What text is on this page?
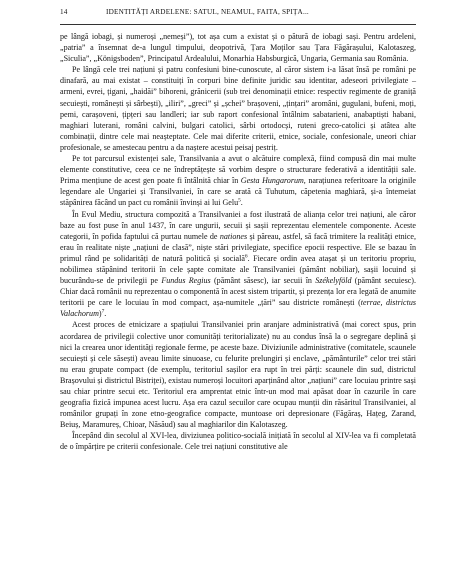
14	IDENTITĂȚI ARDELENE: SATUL, NEAMUL, FAITA, SPIȚA...

pe lângă iobagi, și numeroși „nemeși”), tot așa cum a existat și o pătură de iobagi sași. Pentru ardeleni, „patria” a însemnat de-a lungul timpului, deopotrivă, Țara Moților sau Țara Făgărașului, Kalotaszeg, „Siculia”, „Königsboden”, Principatul Ardealului, Monarhia Habsburgică, Ungaria, Germania sau România.

Pe lângă cele trei națiuni și patru confesiuni bine-cunoscute, al căror sistem i-a lăsat însă pe români pe dinafară, au mai existat – constituiți în corpuri bine definite juridic sau identitar, adeseori privilegiate – armeni, evrei, țigani, „haidăi” bihoreni, grănicerii (sub trei denominații etnice: respectiv regimente de graniță secuiești, românești și sârbești), „iliri”, „greci” și „șchei” brașoveni, „țințari” aromâni, gugulani, bufeni, moți, pemi, carașoveni, țipțeri sau landleri; iar sub raport confesional întâlnim sabatarieni, anabaptiști habani, maghiari luterani, români calvini, bulgari catolici, sârbi ortodocși, ruteni greco-catolici și atâtea alte combinații, dintre cele mai neașteptate. Cele mai diferite criterii, etnice, sociale, confesionale, uneori chiar profesionale, se amestecau pentru a da naștere acestui peisaj pestriț.

Pe tot parcursul existenței sale, Transilvania a avut o alcătuire complexă, fiind compusă din mai multe elemente constitutive, ceea ce ne îndreptățește să vorbim despre o structurare federativă a identității sale. Prima mențiune de acest gen poate fi întâlnită chiar în Gesta Hungarorum, narațiunea referitoare la originile legendare ale Ungariei și Transilvaniei, în care se arată că Tuhutum, căpetenia maghiară, și-a întemeiat stăpânirea făcând un pact cu românii învinși ai lui Gelu$^5$.

În Evul Mediu, structura compozită a Transilvaniei a fost ilustrată de alianța celor trei națiuni, ale căror baze au fost puse în anul 1437, în care ungurii, secuii și sașii reprezentau elementele componente. Aceste categorii, în pofida faptului că purtau numele de nationes și păreau, astfel, să facă trimitere la realități etnice, erau în realitate niște „națiuni de clasă”, niște stări privilegiate, specifice epocii respective. Ele se bazau în primul rând pe solidarități de natură politică și socială$^6$. Fiecare ordin avea atașat și un teritoriu propriu, nobilimea stăpânind teritorii în cele șapte comitate ale Transilvaniei (pământ nobiliar), sașii locuind și bucurându-se de privilegii pe Fundus Regius (pământ săsesc), iar secuii în Székelyföld (pământ secuiesc). Chiar dacă românii nu reprezentau o componentă în acest sistem tripartit, și prezența lor era legată de anumite teritorii pe care le locuiau în mod compact, așa-numitele „țări” sau districte românești (terrae, districtus Valachorum)$^7$.

Acest proces de etnicizare a spațiului Transilvaniei prin aranjare administrativă (mai corect spus, prin acordarea de privilegii colective unor comunități teritorializate) nu au condus însă la o segregare deplină și nici la crearea unor identități regionale ferme, pe aceste baze. Diviziunile administrative (comitatele, scaunele secuiești și cele săsești) aveau limite sinuoase, cu felurite prelungiri și enclave, „pământurile” celor trei stări nu erau grupate compact (de exemplu, teritoriul sașilor era rupt în trei părți: scaunele din sud, districtul Brașovului și districtul Bistriței), existau numeroși locuitori aparținând altor „națiuni” care locuiau printre sași sau chiar printre secui etc. Teritoriul era amprentat etnic într-un mod mai apăsat doar în cazurile în care geografia fizică impunea acest lucru. Așa era cazul secuilor care ocupau munții din răsăritul Transilvaniei, al românilor grupați în zone etno-geografice compacte, muntoase ori depresionare (Făgăraș, Hațeg, Zarand, Beiuș, Maramureș, Chioar, Năsăud) sau al maghiarilor din Kalotaszeg.

Începând din secolul al XVI-lea, diviziunea politico-socială inițiată în secolul al XIV-lea va fi completată de o împărțire pe criterii confesionale. Cele trei națiuni constitutive ale
